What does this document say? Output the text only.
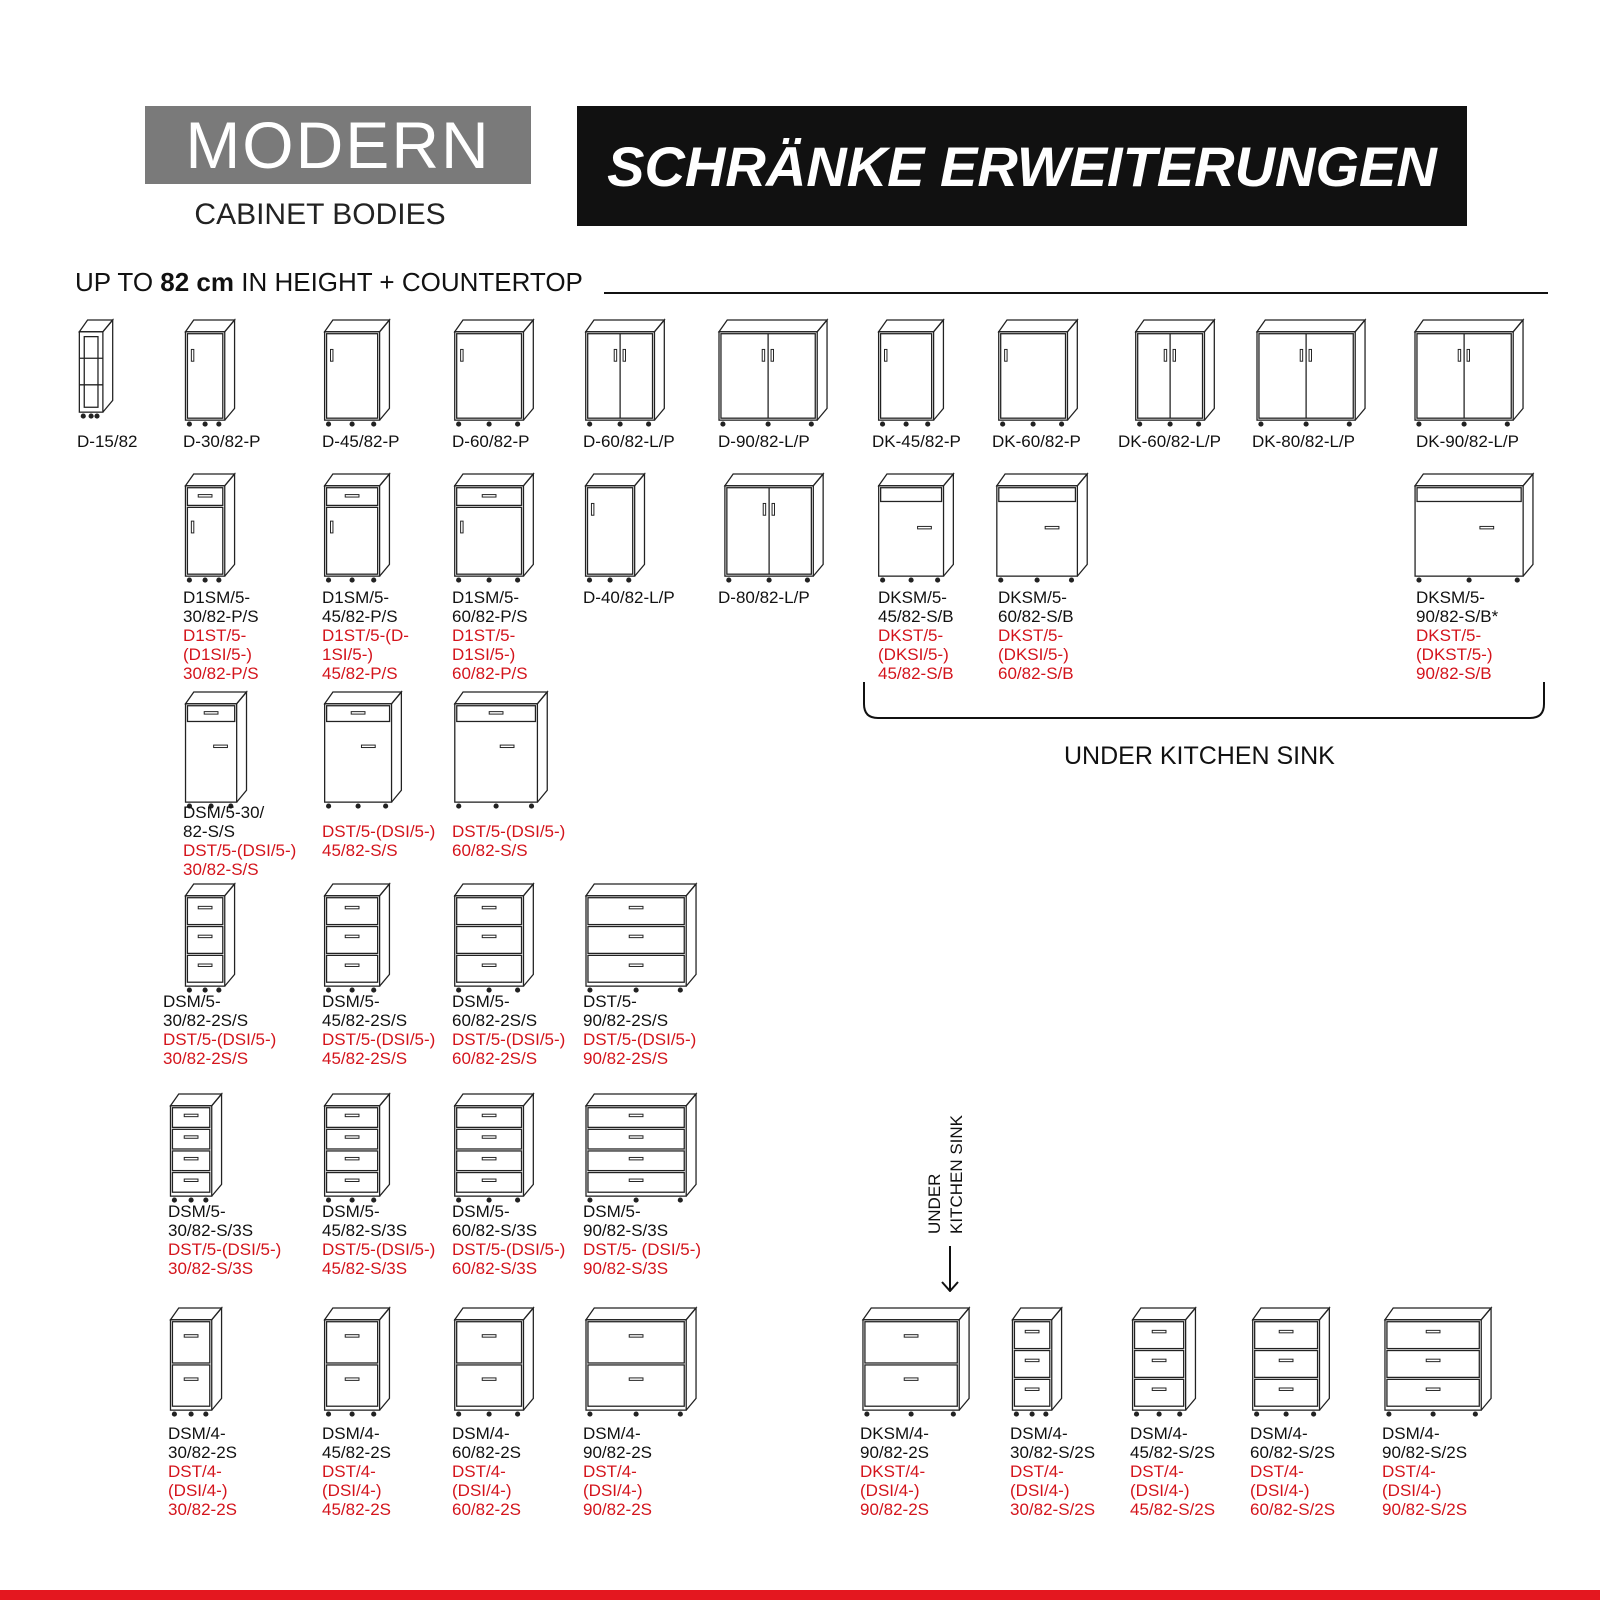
MODERN
CABINET BODIES
SCHRÄNKE ERWEITERUNGEN
UP TO 82 cm IN HEIGHT + COUNTERTOP
D-15/82	D-30/82-P	D-45/82-P	D-60/82-P	D-60/82-L/P	D-90/82-L/P	DK-45/82-P DK-60/82-P DK-60/82-L/P DK-80/82-L/P	DK-90/82-L/P
D1SM/5-
30/82-P/S
D1ST/5-
(D1SI/5-)
30/82-P/S
D1SM/5-
45/82-P/S
D1ST/5-(D-
1SI/5-)
45/82-P/S
D1SM/5-
60/82-P/S
D1ST/5-
D1SI/5-)
60/82-P/S
D-40/82-L/P	D-80/82-L/P	DKSM/5-
45/82-S/B
DKST/5-
(DKSI/5-)
45/82-S/B
DKSM/5-
60/82-S/B
DKST/5-
(DKSI/5-)
60/82-S/B
DKSM/5-
90/82-S/B*
DKST/5-
(DKST/5-)
90/82-S/B
DSM/5-30/
82-S/S
DST/5-(DSI/5-)
30/82-S/S
DST/5-(DSI/5-)
45/82-S/S
DST/5-(DSI/5-)
60/82-S/S
DSM/5-
30/82-2S/S
DST/5-(DSI/5-)
30/82-2S/S
DSM/5-
45/82-2S/S
DST/5-(DSI/5-)
45/82-2S/S
DSM/5-
60/82-2S/S
DST/5-(DSI/5-)
60/82-2S/S
DST/5-
90/82-2S/S
DST/5-(DSI/5-)
90/82-2S/S
DSM/5-
30/82-S/3S
DST/5-(DSI/5-)
30/82-S/3S
DSM/5-
45/82-S/3S
DST/5-(DSI/5-)
45/82-S/3S
DSM/5-
60/82-S/3S
DST/5-(DSI/5-)
60/82-S/3S
DSM/5-
90/82-S/3S
DST/5- (DSI/5-)
90/82-S/3S
DSM/4-
30/82-2S
DST/4-
(DSI/4-)
30/82-2S
DSM/4-
45/82-2S
DST/4-
(DSI/4-)
45/82-2S
DSM/4-
60/82-2S
DST/4-
(DSI/4-)
60/82-2S
DSM/4-
90/82-2S
DST/4-
(DSI/4-)
90/82-2S
DKSM/4-
90/82-2S
DKST/4-
(DSI/4-)
90/82-2S
DSM/4-
30/82-S/2S
DST/4-
(DSI/4-)
30/82-S/2S
DSM/4-
45/82-S/2S
DST/4-
(DSI/4-)
45/82-S/2S
DSM/4-
60/82-S/2S
DST/4-
(DSI/4-)
60/82-S/2S
DSM/4-
90/82-S/2S
DST/4-
(DSI/4-)
90/82-S/2S
UNDER KITCHEN SINK
UNDER KITCHEN SINK
